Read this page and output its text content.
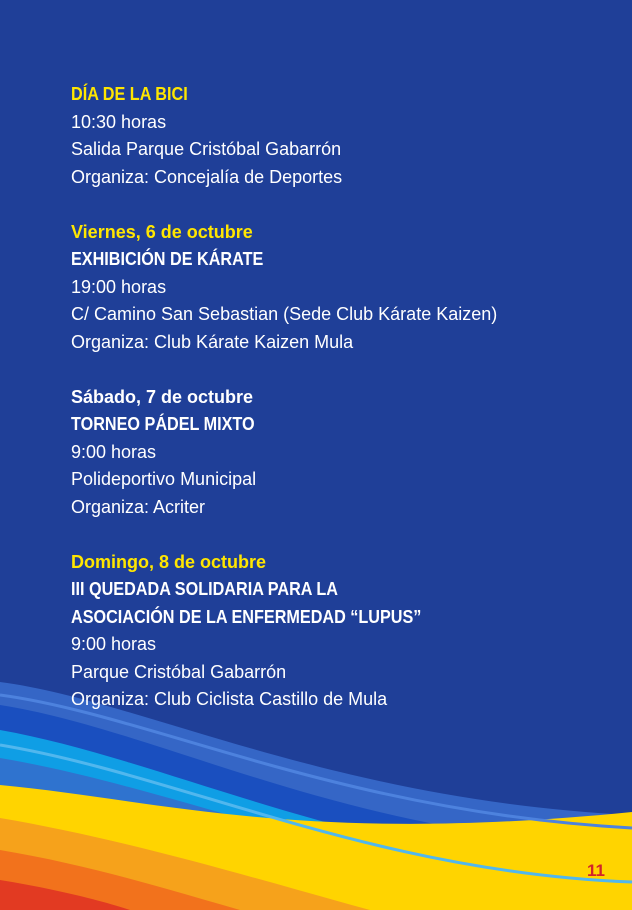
DÍA DE LA BICI
10:30 horas
Salida Parque Cristóbal Gabarrón
Organiza: Concejalía de Deportes
Viernes, 6 de octubre
EXHIBICIÓN DE KÁRATE
19:00 horas
C/ Camino San Sebastian (Sede Club Kárate Kaizen)
Organiza: Club Kárate Kaizen Mula
Sábado, 7 de octubre
TORNEO PÁDEL MIXTO
9:00 horas
Polideportivo Municipal
Organiza: Acriter
Domingo, 8 de octubre
III QUEDADA SOLIDARIA PARA LA
ASOCIACIÓN DE LA ENFERMEDAD “LUPUS”
9:00 horas
Parque Cristóbal Gabarrón
Organiza: Club Ciclista Castillo de Mula
11
